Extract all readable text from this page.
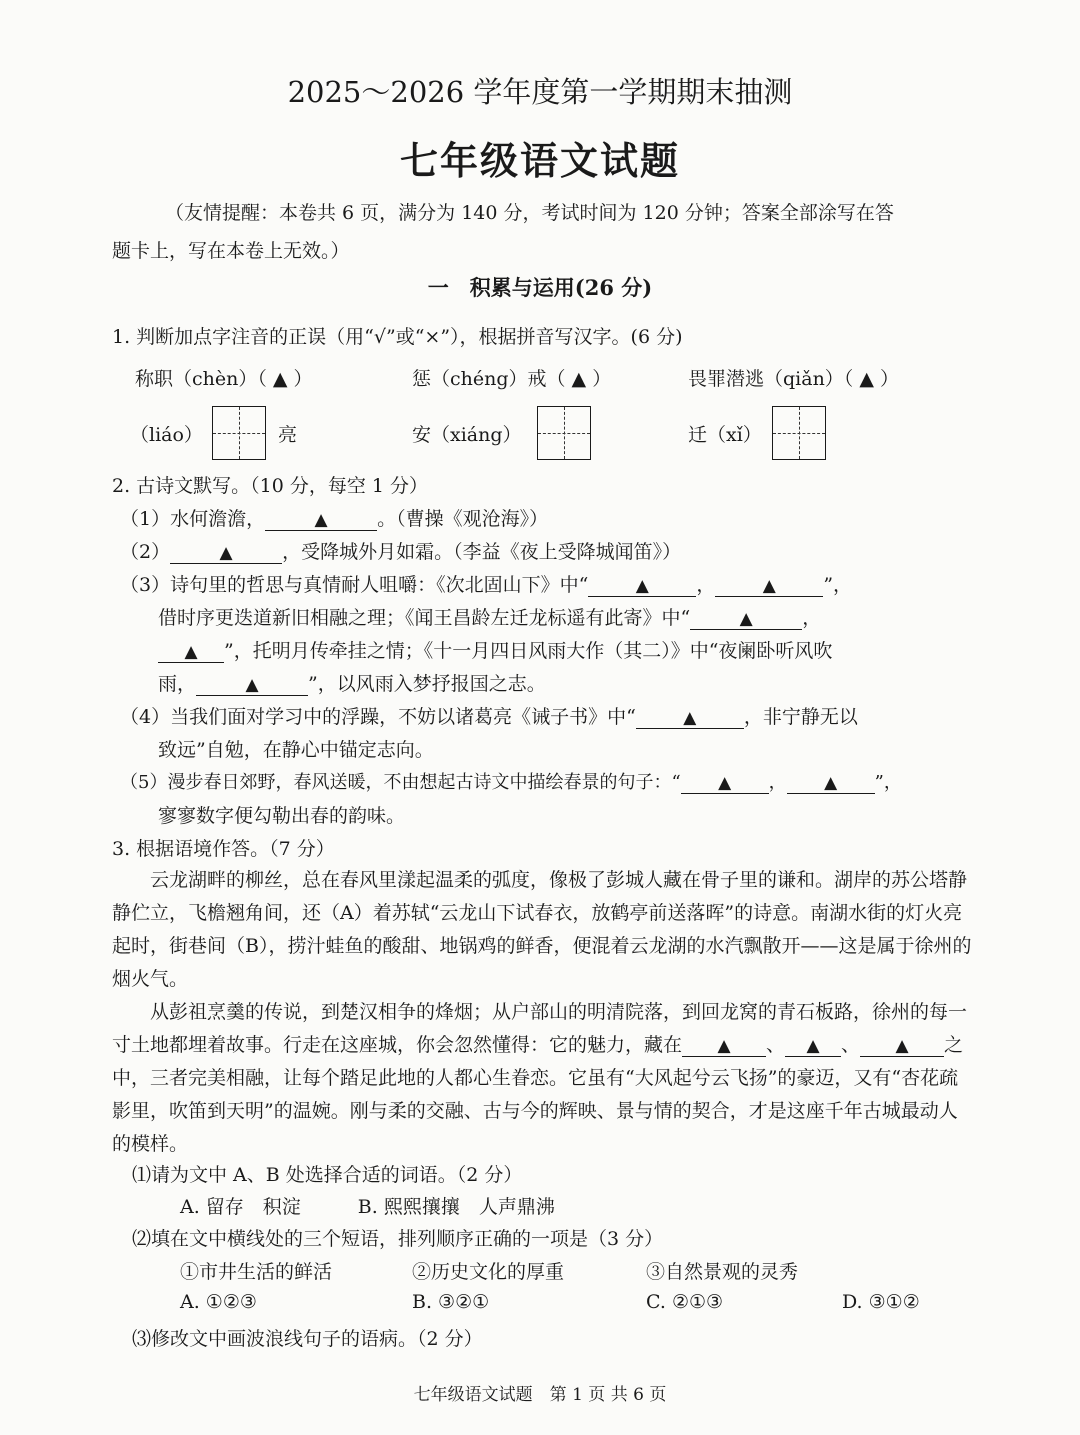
2025～2026 学年度第一学期期末抽测
七年级语文试题
（友情提醒：本卷共 6 页，满分为 140 分，考试时间为 120 分钟；答案全部涂写在答
题卡上，写在本卷上无效。）
一　积累与运用(26 分)
1. 判断加点字注音的正误（用“√”或“×”），根据拼音写汉字。(6 分)
称职（chèn）（ ▲ ）	惩（chéng）戒（ ▲ ）	畏罪潜逃（qiǎn）（ ▲ ）
（liáo）	亮	安（xiáng）	迁（xǐ）
2. 古诗文默写。（10 分，每空 1 分）
（1）水何澹澹，	▲	。（曹操《观沧海》）
（2）	▲	，受降城外月如霜。（李益《夜上受降城闻笛》）
（3）诗句里的哲思与真情耐人咀嚼：《次北固山下》中“	▲ ，	▲ ”，
借时序更迭道新旧相融之理；《闻王昌龄左迁龙标遥有此寄》中“	▲	，
▲ ”，托明月传牵挂之情；《十一月四日风雨大作（其二）》中“夜阑卧听风吹
雨，	▲	”，以风雨入梦抒报国之志。
（4）当我们面对学习中的浮躁，不妨以诸葛亮《诫子书》中“	▲ ，非宁静无以
致远”自勉，在静心中锚定志向。
（5）漫步春日郊野，春风送暖，不由想起古诗文中描绘春景的句子：“ ▲ ， ▲ ”，
寥寥数字便勾勒出春的韵味。
3. 根据语境作答。（7 分）

云龙湖畔的柳丝，总在春风里漾起温柔的弧度，像极了彭城人藏在骨子里的谦和。湖岸的苏公塔静静伫立，飞檐翘角间，还（A）着苏轼“云龙山下试春衣，放鹤亭前送落晖”的诗意。南湖水街的灯火亮起时，街巷间（B），捞汁蛙鱼的酸甜、地锅鸡的鲜香，便混着云龙湖的水汽飘散开——这是属于徐州的烟火气。

从彭祖烹羹的传说，到楚汉相争的烽烟；从户部山的明清院落，到回龙窝的青石板路，徐州的每一寸土地都埋着故事。行走在这座城，你会忽然懂得：它的魅力，藏在 ▲ 、 ▲ 、 ▲ 之中，三者完美相融，让每个踏足此地的人都心生眷恋。它虽有“大风起兮云飞扬”的豪迈，又有“杏花疏影里，吹笛到天明”的温婉。刚与柔的交融、古与今的辉映、景与情的契合，才是这座千年古城最动人的模样。

⑴请为文中 A、B 处选择合适的词语。（2 分）
A. 留存　积淀　　　B. 熙熙攘攘　人声鼎沸
⑵填在文中横线处的三个短语，排列顺序正确的一项是（3 分）
①市井生活的鲜活	②历史文化的厚重	③自然景观的灵秀
A. ①②③	B. ③②①	C. ②①③	D. ③①②
⑶修改文中画波浪线句子的语病。（2 分）
七年级语文试题　第 1 页 共 6 页
